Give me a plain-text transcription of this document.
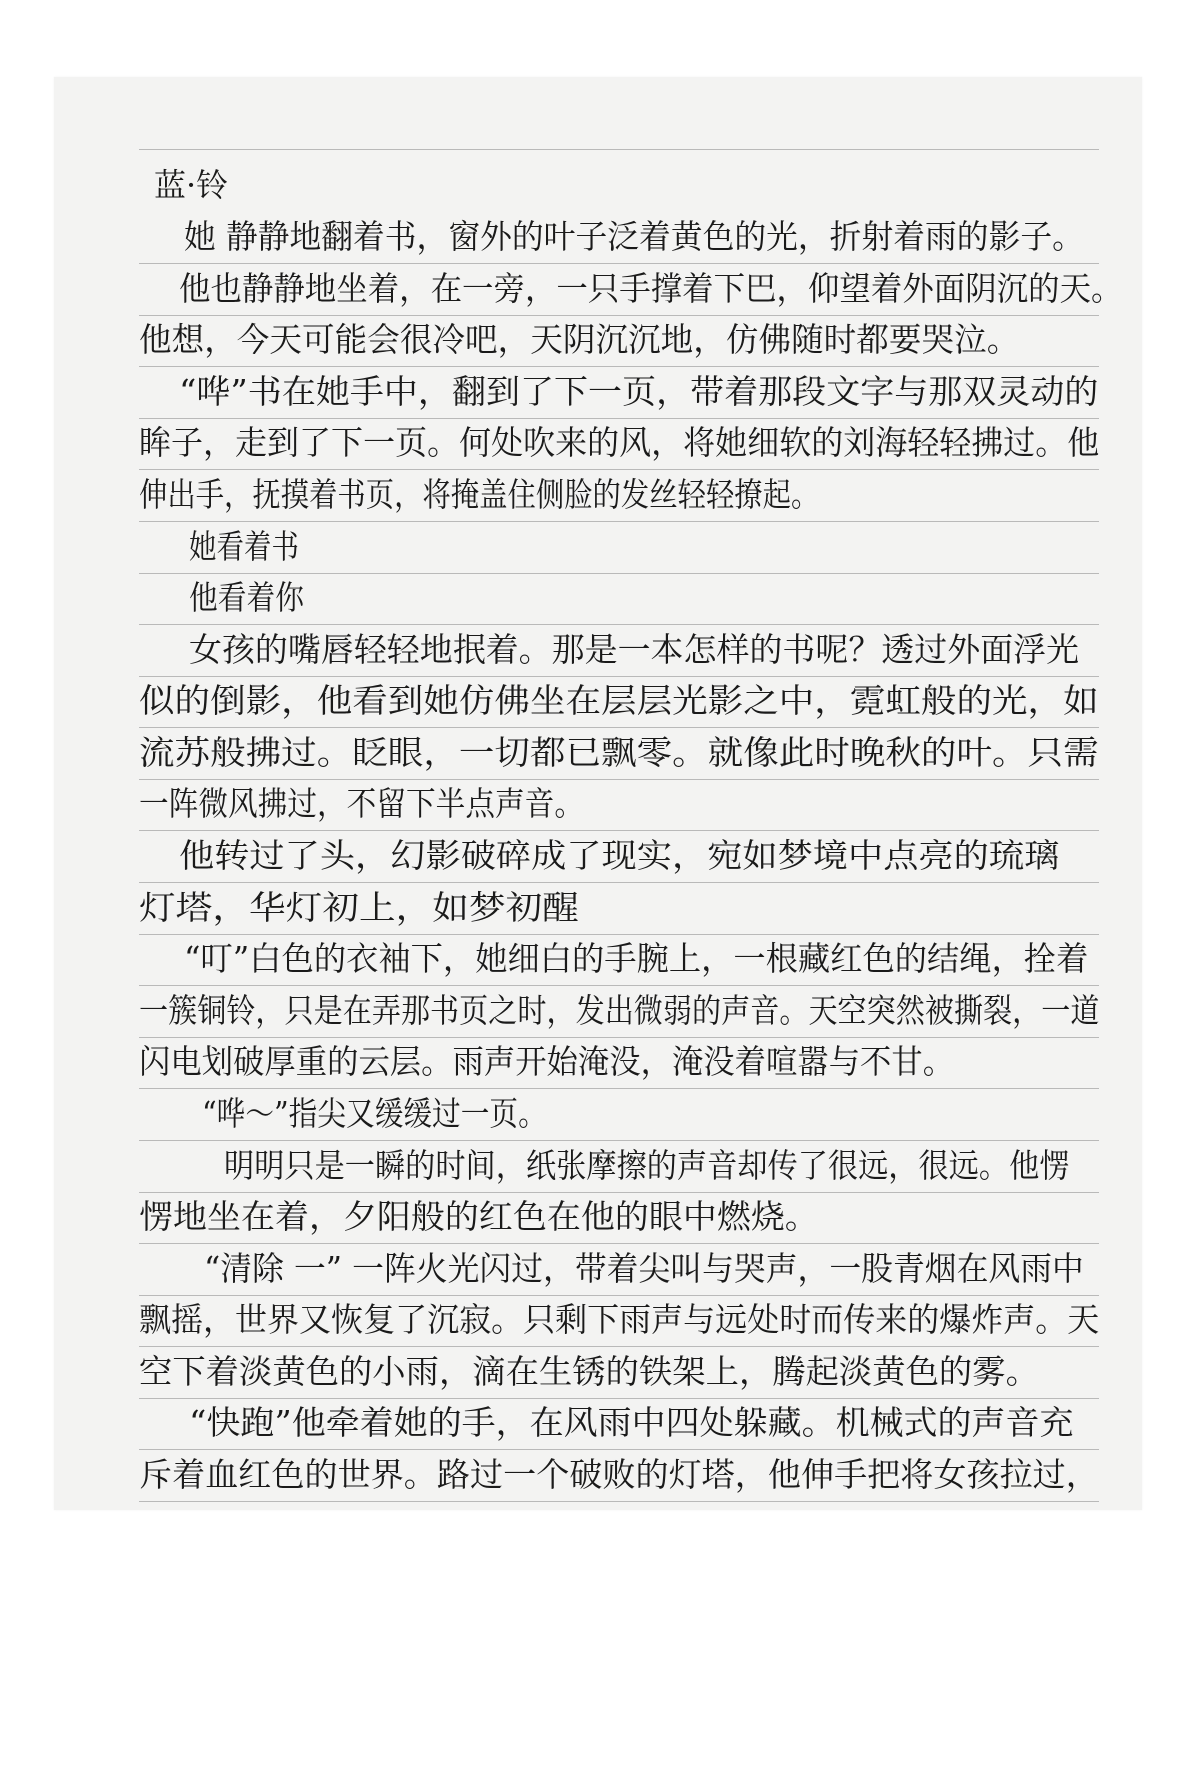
蓝·铃
她 静静地翻着书，窗外的叶子泛着黄色的光，折射着雨的影子。
他也静静地坐着，在一旁，一只手撑着下巴，仰望着外面阴沉的天。
他想，今天可能会很冷吧，天阴沉沉地，仿佛随时都要哭泣。
“哗”书在她手中，翻到了下一页，带着那段文字与那双灵动的
眸子，走到了下一页。何处吹来的风，将她细软的刘海轻轻拂过。他
伸出手，抚摸着书页，将掩盖住侧脸的发丝轻轻撩起。
她看着书
他看着你
女孩的嘴唇轻轻地抿着。那是一本怎样的书呢？透过外面浮光
似的倒影，他看到她仿佛坐在层层光影之中，霓虹般的光，如
流苏般拂过。眨眼，一切都已飘零。就像此时晚秋的叶。只需
一阵微风拂过，不留下半点声音。
他转过了头，幻影破碎成了现实，宛如梦境中点亮的琉璃
灯塔，华灯初上，如梦初醒
“叮”白色的衣袖下，她细白的手腕上，一根藏红色的结绳，拴着
一簇铜铃，只是在弄那书页之时，发出微弱的声音。天空突然被撕裂，一道
闪电划破厚重的云层。雨声开始淹没，淹没着喧嚣与不甘。
“哗～”指尖又缓缓过一页。
明明只是一瞬的时间，纸张摩擦的声音却传了很远，很远。他愣
愣地坐在着，夕阳般的红色在他的眼中燃烧。
“清除 一” 一阵火光闪过，带着尖叫与哭声，一股青烟在风雨中
飘摇，世界又恢复了沉寂。只剩下雨声与远处时而传来的爆炸声。天
空下着淡黄色的小雨，滴在生锈的铁架上，腾起淡黄色的雾。
“快跑”他牵着她的手，在风雨中四处躲藏。机械式的声音充
斥着血红色的世界。路过一个破败的灯塔，他伸手把将女孩拉过，
